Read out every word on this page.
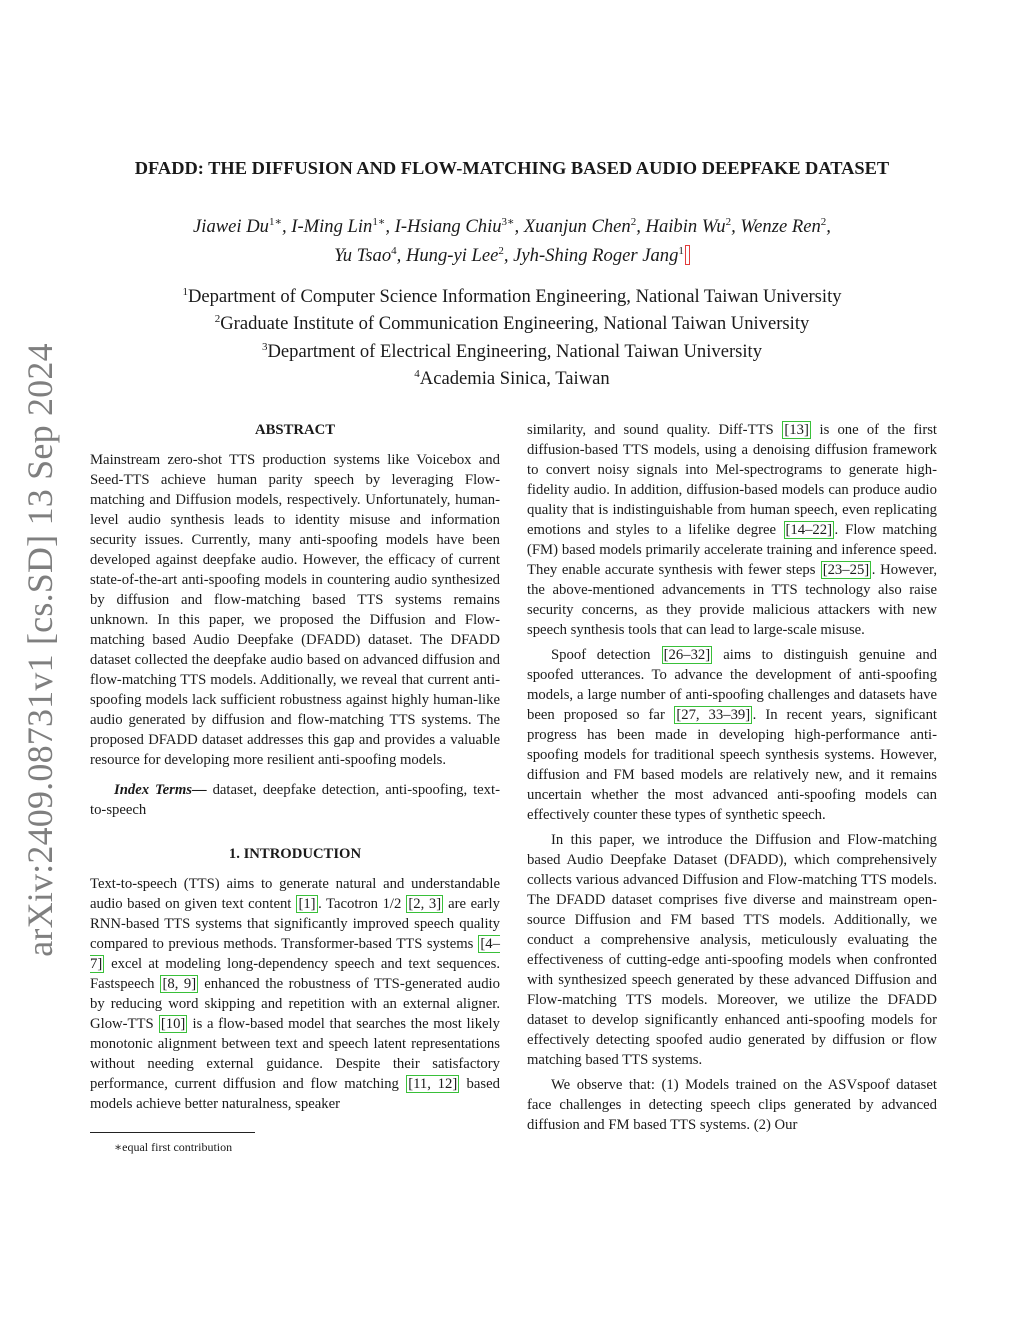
arXiv:2409.08731v1 [cs.SD] 13 Sep 2024
DFADD: THE DIFFUSION AND FLOW-MATCHING BASED AUDIO DEEPFAKE DATASET
Jiawei $Du^{1∗}$, I-Ming Lin$^{1∗}$, I-Hsiang Chiu$^{3∗}$, Xuanjun Chen$^2$, Haibin Wu$^2$, Wenze Ren$^2$,
Yu Tsao$^4$, Hung-yi Lee$^2$, Jyh-Shing Roger Jang$^1$
$^1$Department of Computer Science Information Engineering, National Taiwan University
$^2$Graduate Institute of Communication Engineering, National Taiwan University
$^3$Department of Electrical Engineering, National Taiwan University
$^4$Academia Sinica, Taiwan
ABSTRACT

Mainstream zero-shot TTS production systems like Voicebox and Seed-TTS achieve human parity speech by leveraging Flow-matching and Diffusion models, respectively. Unfortunately, human-level audio synthesis leads to identity misuse and information security issues. Currently, many anti-spoofing models have been developed against deepfake audio. However, the efficacy of current state-of-the-art anti-spoofing models in countering audio synthesized by diffusion and flow-matching based TTS systems remains unknown. In this paper, we proposed the Diffusion and Flow-matching based Audio Deepfake (DFADD) dataset. The DFADD dataset collected the deepfake audio based on advanced diffusion and flow-matching TTS models. Additionally, we reveal that current anti-spoofing models lack sufficient robustness against highly human-like audio generated by diffusion and flow-matching TTS systems. The proposed DFADD dataset addresses this gap and provides a valuable resource for developing more resilient anti-spoofing models.

Index Terms— dataset, deepfake detection, anti-spoofing, text-to-speech

1. INTRODUCTION

Text-to-speech (TTS) aims to generate natural and understandable audio based on given text content [1] . Tacotron 1/2 [2, 3] are early RNN-based TTS systems that significantly improved speech quality compared to previous methods. Transformer-based TTS systems [4–7] excel at modeling long-dependency speech and text sequences. Fastspeech [8, 9] enhanced the robustness of TTS-generated audio by reducing word skipping and repetition with an external aligner. Glow-TTS [10] is a flow-based model that searches the most likely monotonic alignment between text and speech latent representations without needing external guidance. Despite their satisfactory performance, current diffusion and flow matching [11, 12] based models achieve better naturalness, speaker

∗equal first contribution

similarity, and sound quality. Diff-TTS [13] is one of the first diffusion-based TTS models, using a denoising diffusion framework to convert noisy signals into Mel-spectrograms to generate high-fidelity audio. In addition, diffusion-based models can produce audio quality that is indistinguishable from human speech, even replicating emotions and styles to a lifelike degree [14–22] . Flow matching (FM) based models primarily accelerate training and inference speed. They enable accurate synthesis with fewer steps [23–25] . However, the above-mentioned advancements in TTS technology also raise security concerns, as they provide malicious attackers with new speech synthesis tools that can lead to large-scale misuse.

Spoof detection [26–32] aims to distinguish genuine and spoofed utterances. To advance the development of anti-spoofing models, a large number of anti-spoofing challenges and datasets have been proposed so far [27, 33–39] . In recent years, significant progress has been made in developing high-performance anti-spoofing models for traditional speech synthesis systems. However, diffusion and FM based models are relatively new, and it remains uncertain whether the most advanced anti-spoofing models can effectively counter these types of synthetic speech.

In this paper, we introduce the Diffusion and Flow-matching based Audio Deepfake Dataset (DFADD), which comprehensively collects various advanced Diffusion and Flow-matching TTS models. The DFADD dataset comprises five diverse and mainstream open-source Diffusion and FM based TTS models. Additionally, we conduct a comprehensive analysis, meticulously evaluating the effectiveness of cutting-edge anti-spoofing models when confronted with synthesized speech generated by these advanced Diffusion and Flow-matching TTS models. Moreover, we utilize the DFADD dataset to develop significantly enhanced anti-spoofing models for effectively detecting spoofed audio generated by diffusion or flow matching based TTS systems.

We observe that: (1) Models trained on the ASVspoof dataset face challenges in detecting speech clips generated by advanced diffusion and FM based TTS systems. (2) Our
